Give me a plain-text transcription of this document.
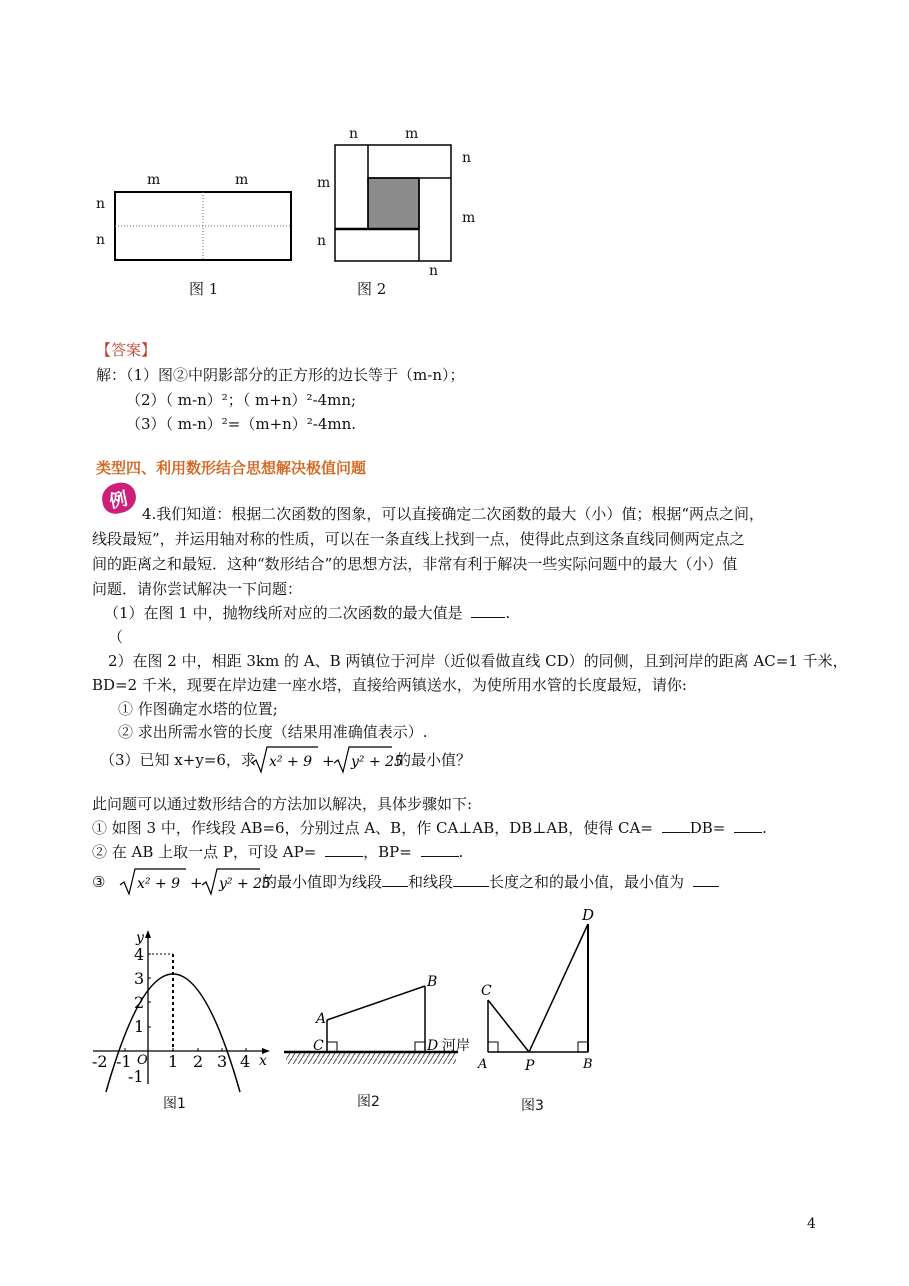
m	m
n
n
图 1
n	m
n
m
m
n
n
图 2
【答案】
解：（1）图②中阴影部分的正方形的边长等于（m-n）；
（2）（ m-n）²；（ m+n）²-4mn;
（3）（ m-n）²=（m+n）²-4mn.
类型四、利用数形结合思想解决极值问题
例
4.我们知道：根据二次函数的图象，可以直接确定二次函数的最大（小）值；根据“两点之间，
线段最短”，并运用轴对称的性质，可以在一条直线上找到一点，使得此点到这条直线同侧两定点之
间的距离之和最短．这种“数形结合”的思想方法，非常有利于解决一些实际问题中的最大（小）值
问题．请你尝试解决一下问题：
（1）在图 1 中，抛物线所对应的二次函数的最大值是	.
（
2）在图 2 中，相距 3km 的 A、B 两镇位于河岸（近似看做直线 CD）的同侧，且到河岸的距离 AC=1 千米，
BD=2 千米，现要在岸边建一座水塔，直接给两镇送水，为使所用水管的长度最短，请你:
① 作图确定水塔的位置;
② 求出所需水管的长度（结果用准确值表示）.
（3）已知 x+y=6，求 x² + 9 + y² + 25
的最小值？
此问题可以通过数形结合的方法加以解决，具体步骤如下:
① 如图 3 中，作线段 AB=6，分别过点 A、B，作 CA⊥AB，DB⊥AB，使得 CA= DB= .
② 在 AB 上取一点 P，可设 AP=	，BP=	.
③ x² + 9 + y² + 25
的最小值即为线段 和线段 长度之和的最小值，最小值为
y
x
O
4
3
2
1
-1
-2 -1 1 2 3 4
图1
A
B
C	D 河岸
图2
C
D
A	P	B
图3
4
